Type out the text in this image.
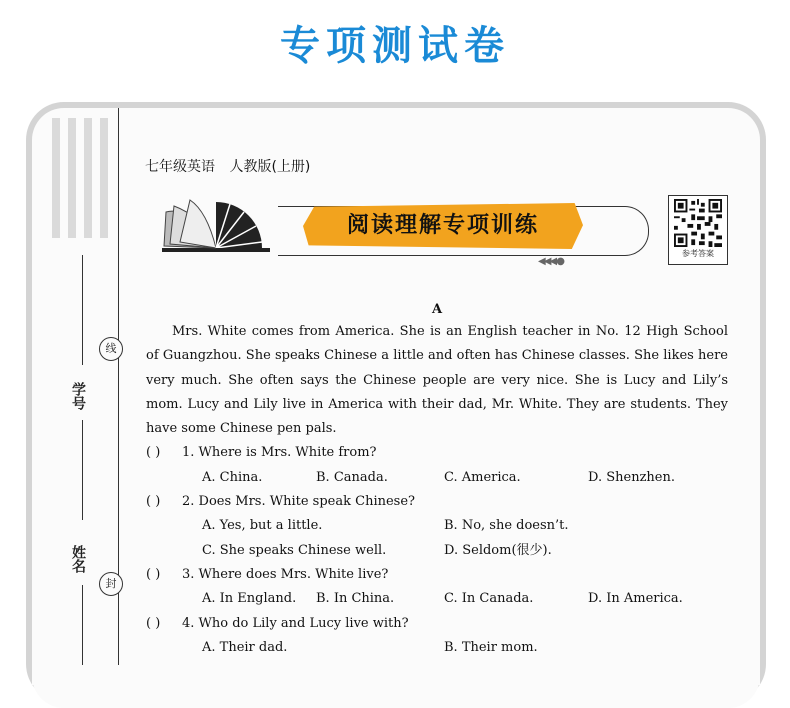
专项测试卷
学号
姓名
线
封
七年级英语 人教版(上册)
阅读理解专项训练
◀◀◀ ●
参考答案
A

Mrs. White comes from America. She is an English teacher in No. 12 High School of Guangzhou. She speaks Chinese a little and often has Chinese classes. She likes here very much. She often says the Chinese people are very nice. She is Lucy and Lily’s mom. Lucy and Lily live in America with their dad, Mr. White. They are students. They have some Chinese pen pals.

( ) 1. Where is Mrs. White from?
A. China.	B. Canada.	C. America.	D. Shenzhen.
( ) 2. Does Mrs. White speak Chinese?
A. Yes, but a little.	B. No, she doesn’t.
C. She speaks Chinese well.	D. Seldom(很少).
( ) 3. Where does Mrs. White live?
A. In England. B. In China.	C. In Canada.	D. In America.
( ) 4. Who do Lily and Lucy live with?
A. Their dad.	B. Their mom.
